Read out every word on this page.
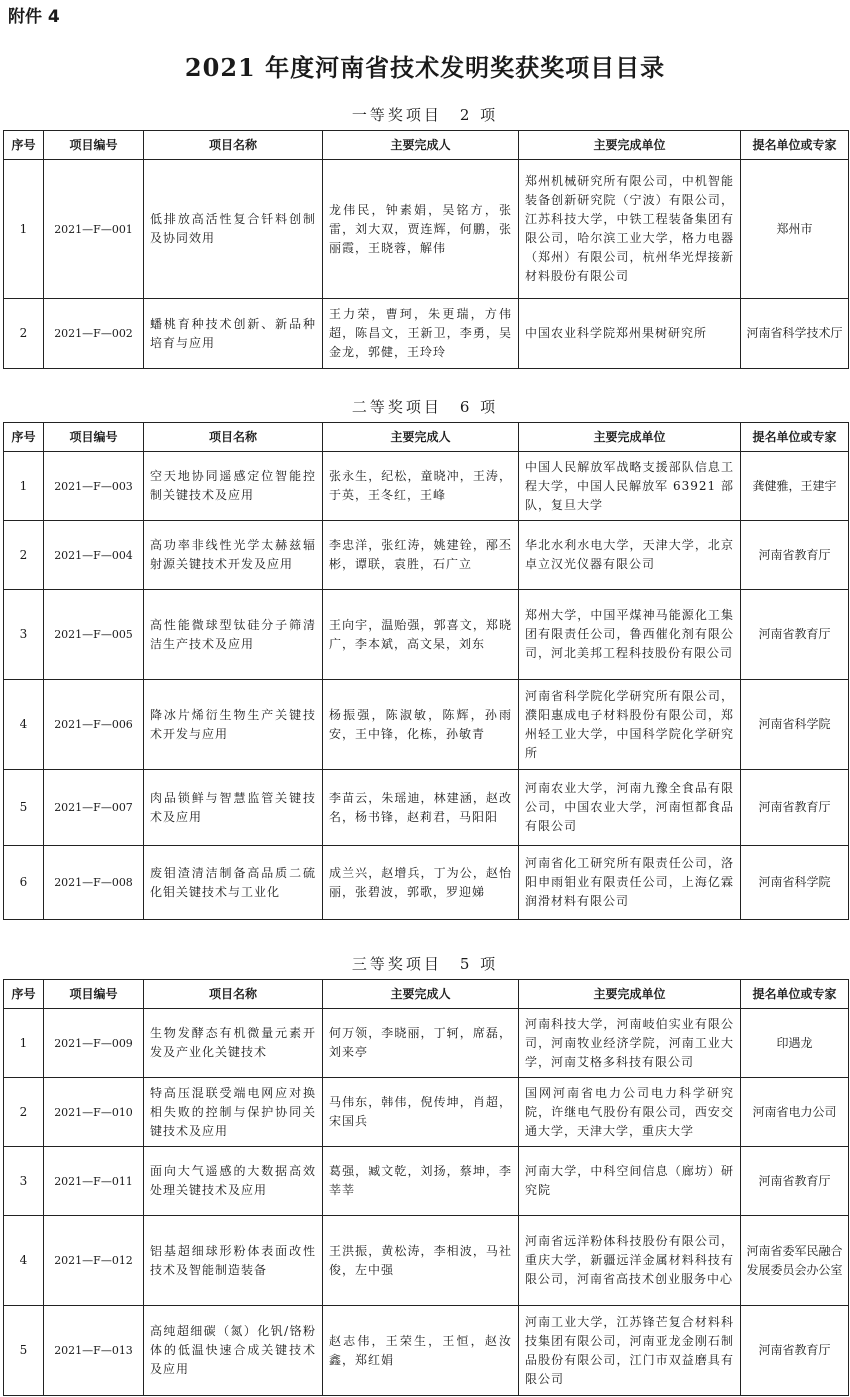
附件 4
2021 年度河南省技术发明奖获奖项目目录
一等奖项目　2 项
序号	项目编号	项目名称	主要完成人	主要完成单位	提名单位或专家
1	2021—F—001	低排放高活性复合钎料创制及协同效用	龙伟民，钟素娟，吴铭方，张雷，刘大双，贾连辉，何鹏，张丽霞，王晓蓉，解伟	郑州机械研究所有限公司，中机智能装备创新研究院（宁波）有限公司，江苏科技大学，中铁工程装备集团有限公司，哈尔滨工业大学，格力电器（郑州）有限公司，杭州华光焊接新材料股份有限公司	郑州市
2	2021—F—002	蟠桃育种技术创新、新品种培育与应用	王力荣，曹珂，朱更瑞，方伟超，陈昌文，王新卫，李勇，吴金龙，郭健，王玲玲	中国农业科学院郑州果树研究所	河南省科学技术厅
二等奖项目　6 项
序号	项目编号	项目名称	主要完成人	主要完成单位	提名单位或专家
1	2021—F—003	空天地协同遥感定位智能控制关键技术及应用	张永生，纪松，童晓冲，王涛，于英，王冬红，王峰	中国人民解放军战略支援部队信息工程大学，中国人民解放军 63921 部队，复旦大学	龚健雅，王建宇
2	2021—F—004	高功率非线性光学太赫兹辐射源关键技术开发及应用	李忠洋，张红涛，姚建铨，邴丕彬，谭联，袁胜，石广立	华北水利水电大学，天津大学，北京卓立汉光仪器有限公司	河南省教育厅
3	2021—F—005	高性能微球型钛硅分子筛清洁生产技术及应用	王向宇，温贻强，郭喜文，郑晓广，李本斌，高文杲，刘东	郑州大学，中国平煤神马能源化工集团有限责任公司，鲁西催化剂有限公司，河北美邦工程科技股份有限公司	河南省教育厅
4	2021—F—006	降冰片烯衍生物生产关键技术开发与应用	杨振强，陈淑敏，陈辉，孙雨安，王中锋，化栋，孙敏青	河南省科学院化学研究所有限公司，濮阳惠成电子材料股份有限公司，郑州轻工业大学，中国科学院化学研究所	河南省科学院
5	2021—F—007	肉品锁鲜与智慧监管关键技术及应用	李苗云，朱瑶迪，林建涵，赵改名，杨书锋，赵莉君，马阳阳	河南农业大学，河南九豫全食品有限公司，中国农业大学，河南恒都食品有限公司	河南省教育厅
6	2021—F—008	废钼渣清洁制备高品质二硫化钼关键技术与工业化	成兰兴，赵增兵，丁为公，赵怡丽，张碧波，郭歌，罗迎娣	河南省化工研究所有限责任公司，洛阳申雨钼业有限责任公司，上海亿霖润滑材料有限公司	河南省科学院
三等奖项目　5 项
序号	项目编号	项目名称	主要完成人	主要完成单位	提名单位或专家
1	2021—F—009	生物发酵态有机微量元素开发及产业化关键技术	何万领，李晓丽，丁轲，席磊，刘来亭	河南科技大学，河南岐伯实业有限公司，河南牧业经济学院，河南工业大学，河南艾格多科技有限公司	印遇龙
2	2021—F—010	特高压混联受端电网应对换相失败的控制与保护协同关键技术及应用	马伟东，韩伟，倪传坤，肖超，宋国兵	国网河南省电力公司电力科学研究院，许继电气股份有限公司，西安交通大学，天津大学，重庆大学	河南省电力公司
3	2021—F—011	面向大气遥感的大数据高效处理关键技术及应用	葛强，臧文乾，刘扬，蔡坤，李莘莘	河南大学，中科空间信息（廊坊）研究院	河南省教育厅
4	2021—F—012	铝基超细球形粉体表面改性技术及智能制造装备	王洪振，黄松涛，李相波，马社俊，左中强	河南省远洋粉体科技股份有限公司，重庆大学，新疆远洋金属材料科技有限公司，河南省高技术创业服务中心	河南省委军民融合发展委员会办公室
5	2021—F—013	高纯超细碳（氮）化钒/铬粉体的低温快速合成关键技术及应用	赵志伟，王荣生，王恒，赵汝鑫，郑红娟	河南工业大学，江苏锋芒复合材料科技集团有限公司，河南亚龙金刚石制品股份有限公司，江门市双益磨具有限公司	河南省教育厅
